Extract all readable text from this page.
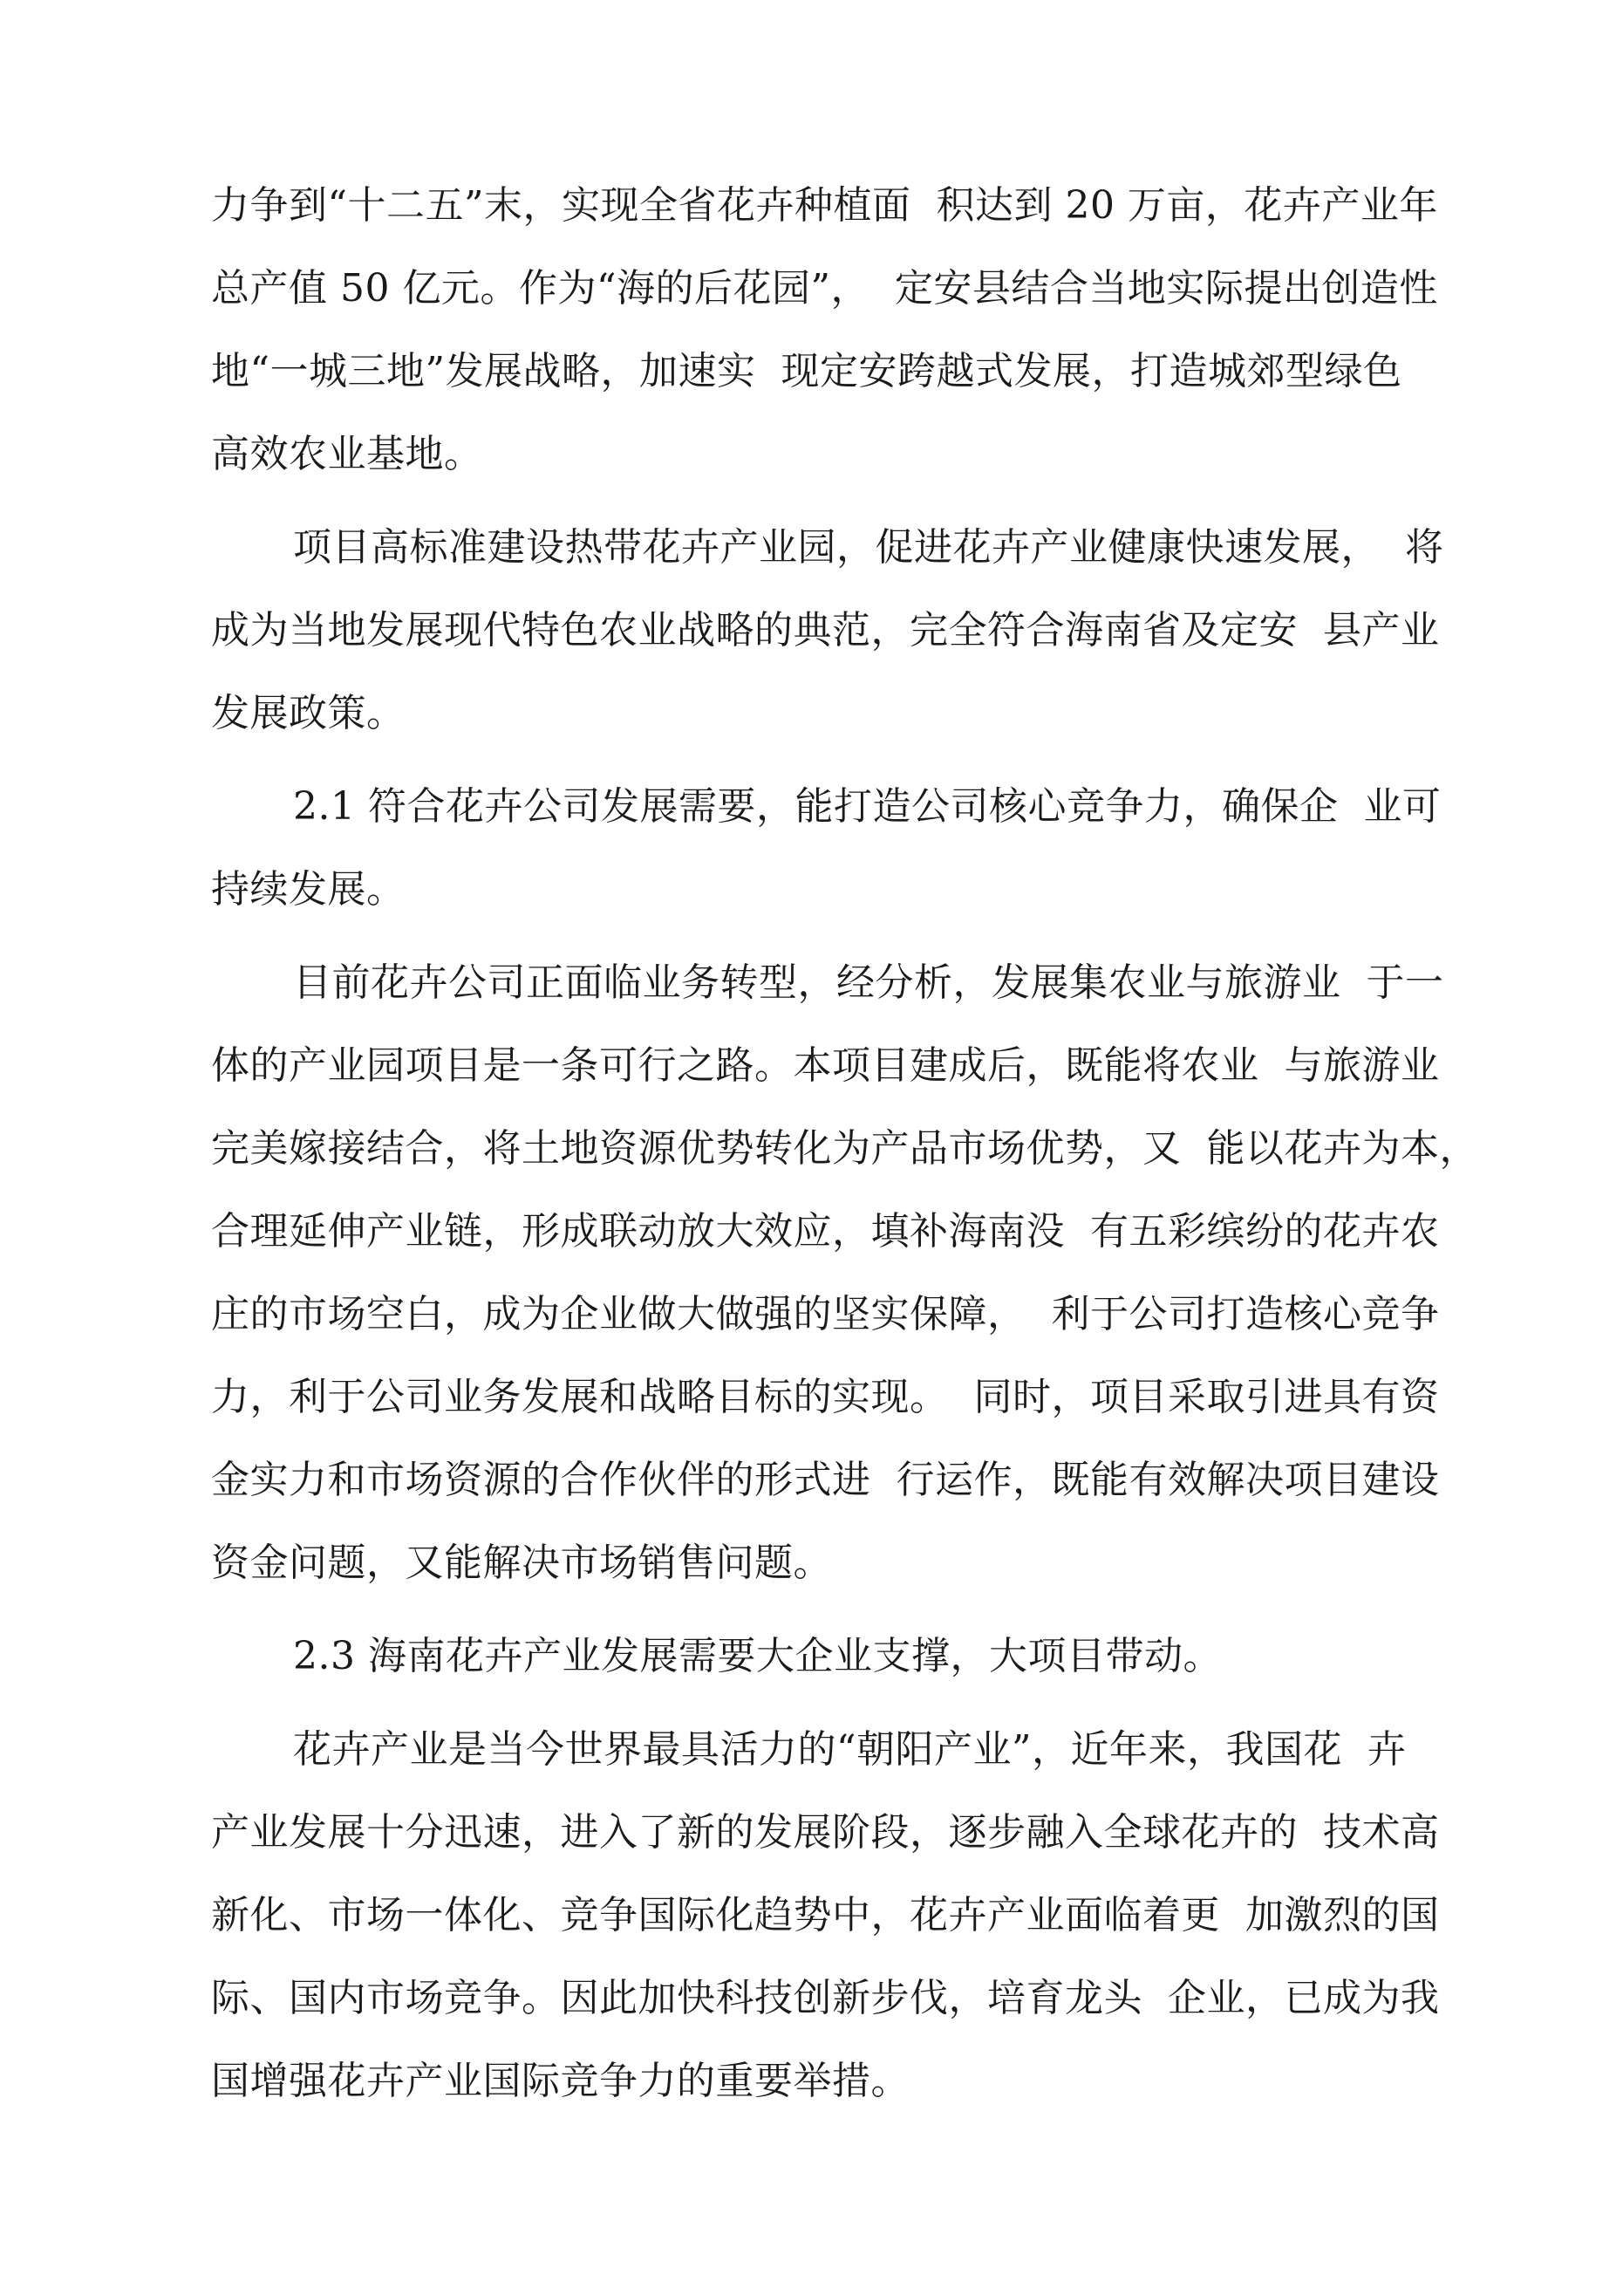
力争到“十二五”末，实现全省花卉种植面  积达到 20 万亩，花卉产业年
总产值 50 亿元。作为“海的后花园”，  定安县结合当地实际提出创造性
地“一城三地”发展战略，加速实  现定安跨越式发展，打造城郊型绿色
高效农业基地。
项目高标准建设热带花卉产业园，促进花卉产业健康快速发展，  将
成为当地发展现代特色农业战略的典范，完全符合海南省及定安  县产业
发展政策。
2.1 符合花卉公司发展需要，能打造公司核心竞争力，确保企  业可
持续发展。
目前花卉公司正面临业务转型，经分析，发展集农业与旅游业  于一
体的产业园项目是一条可行之路。本项目建成后，既能将农业  与旅游业
完美嫁接结合，将土地资源优势转化为产品市场优势，又  能以花卉为本，
合理延伸产业链，形成联动放大效应，填补海南没  有五彩缤纷的花卉农
庄的市场空白，成为企业做大做强的坚实保障，  利于公司打造核心竞争
力，利于公司业务发展和战略目标的实现。  同时，项目采取引进具有资
金实力和市场资源的合作伙伴的形式进  行运作，既能有效解决项目建设
资金问题，又能解决市场销售问题。
2.3 海南花卉产业发展需要大企业支撑，大项目带动。
花卉产业是当今世界最具活力的“朝阳产业”，近年来，我国花  卉
产业发展十分迅速，进入了新的发展阶段，逐步融入全球花卉的  技术高
新化、市场一体化、竞争国际化趋势中，花卉产业面临着更  加激烈的国
际、国内市场竞争。因此加快科技创新步伐，培育龙头  企业，已成为我
国增强花卉产业国际竞争力的重要举措。
